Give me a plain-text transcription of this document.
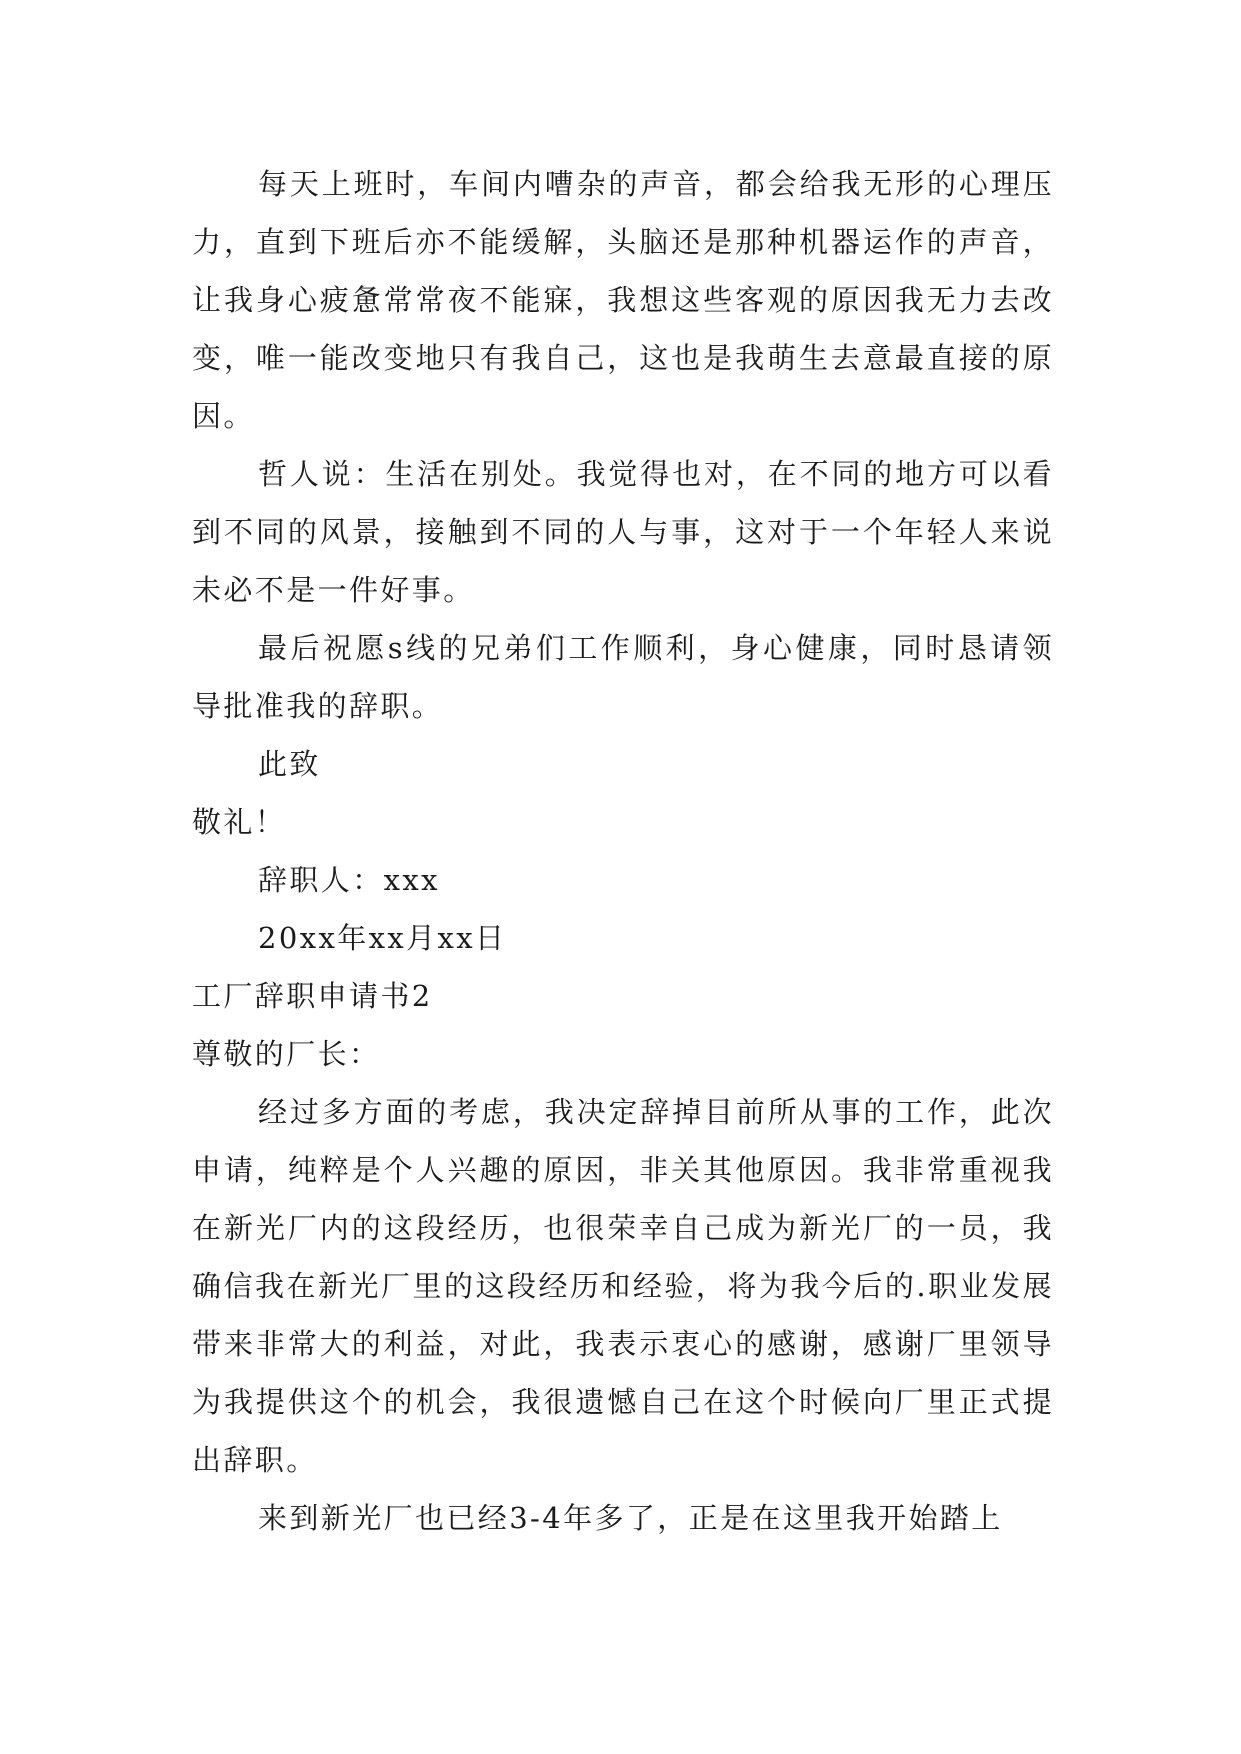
每天上班时，车间内嘈杂的声音，都会给我无形的心理压力，直到下班后亦不能缓解，头脑还是那种机器运作的声音，让我身心疲惫常常夜不能寐，我想这些客观的原因我无力去改变，唯一能改变地只有我自己，这也是我萌生去意最直接的原因。

哲人说：生活在别处。我觉得也对，在不同的地方可以看到不同的风景，接触到不同的人与事，这对于一个年轻人来说未必不是一件好事。

最后祝愿s线的兄弟们工作顺利，身心健康，同时恳请领导批准我的辞职。

此致

敬礼！

辞职人：xxx

20xx年xx月xx日

工厂辞职申请书2

尊敬的厂长：

经过多方面的考虑，我决定辞掉目前所从事的工作，此次申请，纯粹是个人兴趣的原因，非关其他原因。我非常重视我在新光厂内的这段经历，也很荣幸自己成为新光厂的一员，我确信我在新光厂里的这段经历和经验，将为我今后的.职业发展带来非常大的利益，对此，我表示衷心的感谢，感谢厂里领导为我提供这个的机会，我很遗憾自己在这个时候向厂里正式提出辞职。

来到新光厂也已经3-4年多了，正是在这里我开始踏上
